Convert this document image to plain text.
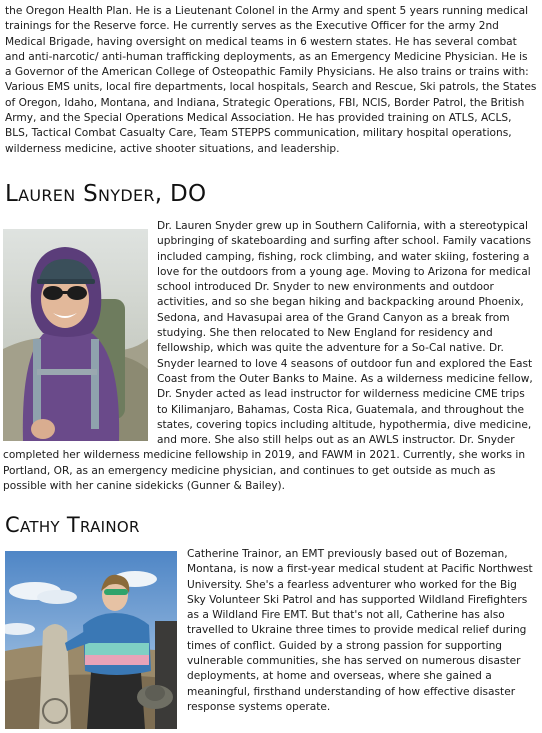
the Oregon Health Plan. He is a Lieutenant Colonel in the Army and spent 5 years running medical trainings for the Reserve force. He currently serves as the Executive Officer for the army 2nd Medical Brigade, having oversight on medical teams in 6 western states. He has several combat and anti-narcotic/ anti-human trafficking deployments, as an Emergency Medicine Physician. He is a Governor of the American College of Osteopathic Family Physicians. He also trains or trains with: Various EMS units, local fire departments, local hospitals, Search and Rescue, Ski patrols, the States of Oregon, Idaho, Montana, and Indiana, Strategic Operations, FBI, NCIS, Border Patrol, the British Army, and the Special Operations Medical Association. He has provided training on ATLS, ACLS, BLS, Tactical Combat Casualty Care, Team STEPPS communication, military hospital operations, wilderness medicine, active shooter situations, and leadership.

Lauren Snyder, DO

Dr. Lauren Snyder grew up in Southern California, with a stereotypical upbringing of skateboarding and surfing after school. Family vacations included camping, fishing, rock climbing, and water skiing, fostering a love for the outdoors from a young age. Moving to Arizona for medical school introduced Dr. Snyder to new environments and outdoor activities, and so she began hiking and backpacking around Phoenix, Sedona, and Havasupai area of the Grand Canyon as a break from studying. She then relocated to New England for residency and fellowship, which was quite the adventure for a So-Cal native. Dr. Snyder learned to love 4 seasons of outdoor fun and explored the East Coast from the Outer Banks to Maine. As a wilderness medicine fellow, Dr. Snyder acted as lead instructor for wilderness medicine CME trips to Kilimanjaro, Bahamas, Costa Rica, Guatemala, and throughout the states, covering topics including altitude, hypothermia, dive medicine, and more. She also still helps out as an AWLS instructor. Dr. Snyder completed her wilderness medicine fellowship in 2019, and FAWM in 2021. Currently, she works in Portland, OR, as an emergency medicine physician, and continues to get outside as much as possible with her canine sidekicks (Gunner & Bailey).

Cathy Trainor

Catherine Trainor, an EMT previously based out of Bozeman, Montana, is now a first-year medical student at Pacific Northwest University. She's a fearless adventurer who worked for the Big Sky Volunteer Ski Patrol and has supported Wildland Firefighters as a Wildland Fire EMT. But that's not all, Catherine has also travelled to Ukraine three times to provide medical relief during times of conflict. Guided by a strong passion for supporting vulnerable communities, she has served on numerous disaster deployments, at home and overseas, where she gained a meaningful, firsthand understanding of how effective disaster response systems operate.
